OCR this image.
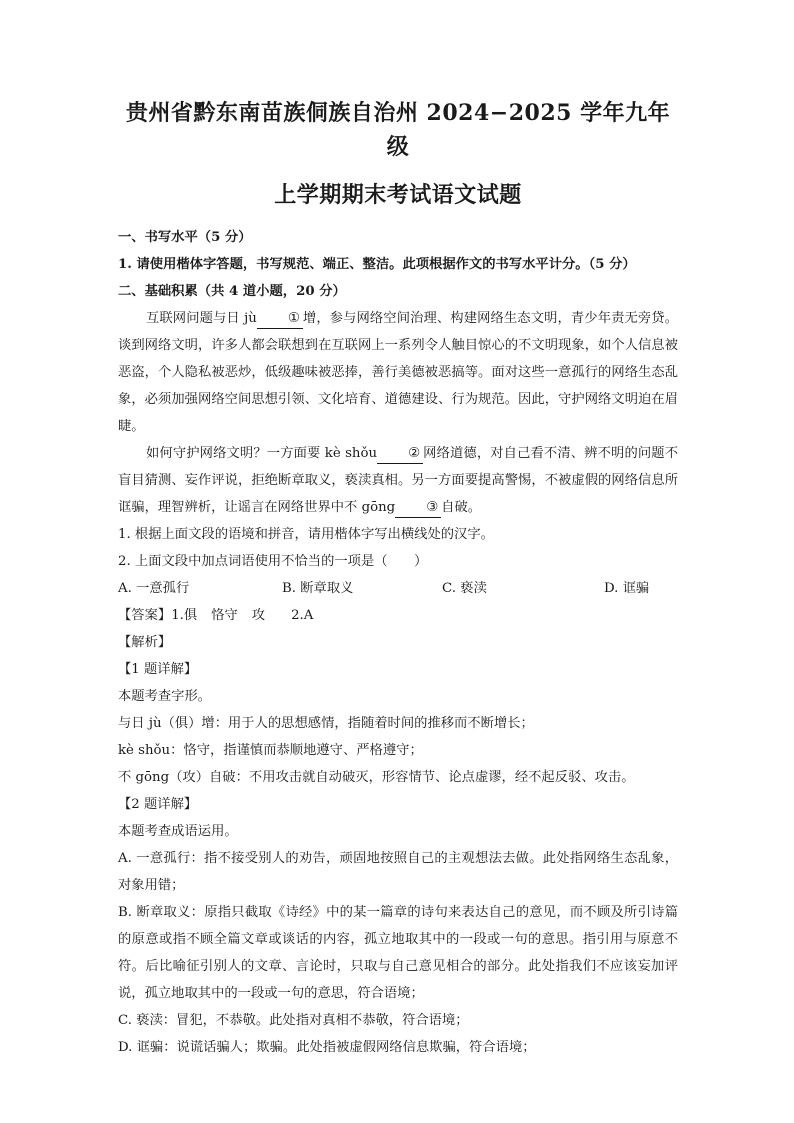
贵州省黔东南苗族侗族自治州 2024−2025 学年九年级
上学期期末考试语文试题

一、书写水平（5 分）

1. 请使用楷体字答题，书写规范、端正、整洁。此项根据作文的书写水平计分。（5 分）

二、基础积累（共 4 道小题，20 分）

互联网问题与日 jù ① 增，参与网络空间治理、构建网络生态文明，青少年责无旁贷。谈到网络文明，许多人都会联想到在互联网上一系列令人触目惊心的不文明现象，如个人信息被恶盗，个人隐私被恶炒，低级趣味被恶捧，善行美德被恶搞等。面对这些一意孤行的网络生态乱象，必须加强网络空间思想引领、文化培育、道德建设、行为规范。因此，守护网络文明迫在眉睫。

如何守护网络文明？一方面要 kè shǒu ② 网络道德，对自己看不清、辨不明的问题不盲目猜测、妄作评说，拒绝断章取义，亵渎真相。另一方面要提高警惕，不被虚假的网络信息所诓骗，理智辨析，让谣言在网络世界中不 gōng ③ 自破。

1. 根据上面文段的语境和拼音，请用楷体字写出横线处的汉字。

2. 上面文段中加点词语使用不恰当的一项是（　　）

A. 一意孤行	B. 断章取义	C. 亵渎	D. 诓骗

【答案】1.俱 恪守 攻 2.A

【解析】

【1 题详解】

本题考查字形。

与日 jù（俱）增：用于人的思想感情，指随着时间的推移而不断增长；

kè shǒu：恪守，指谨慎而恭顺地遵守、严格遵守；

不 gōng（攻）自破：不用攻击就自动破灭，形容情节、论点虚谬，经不起反驳、攻击。

【2 题详解】

本题考查成语运用。

A. 一意孤行：指不接受别人的劝告，顽固地按照自己的主观想法去做。此处指网络生态乱象，对象用错；

B. 断章取义：原指只截取《诗经》中的某一篇章的诗句来表达自己的意见，而不顾及所引诗篇的原意或指不顾全篇文章或谈话的内容，孤立地取其中的一段或一句的意思。指引用与原意不符。后比喻征引别人的文章、言论时，只取与自己意见相合的部分。此处指我们不应该妄加评说，孤立地取其中的一段或一句的意思，符合语境；

C. 亵渎：冒犯，不恭敬。此处指对真相不恭敬，符合语境；

D. 诓骗：说谎话骗人；欺骗。此处指被虚假网络信息欺骗，符合语境；
